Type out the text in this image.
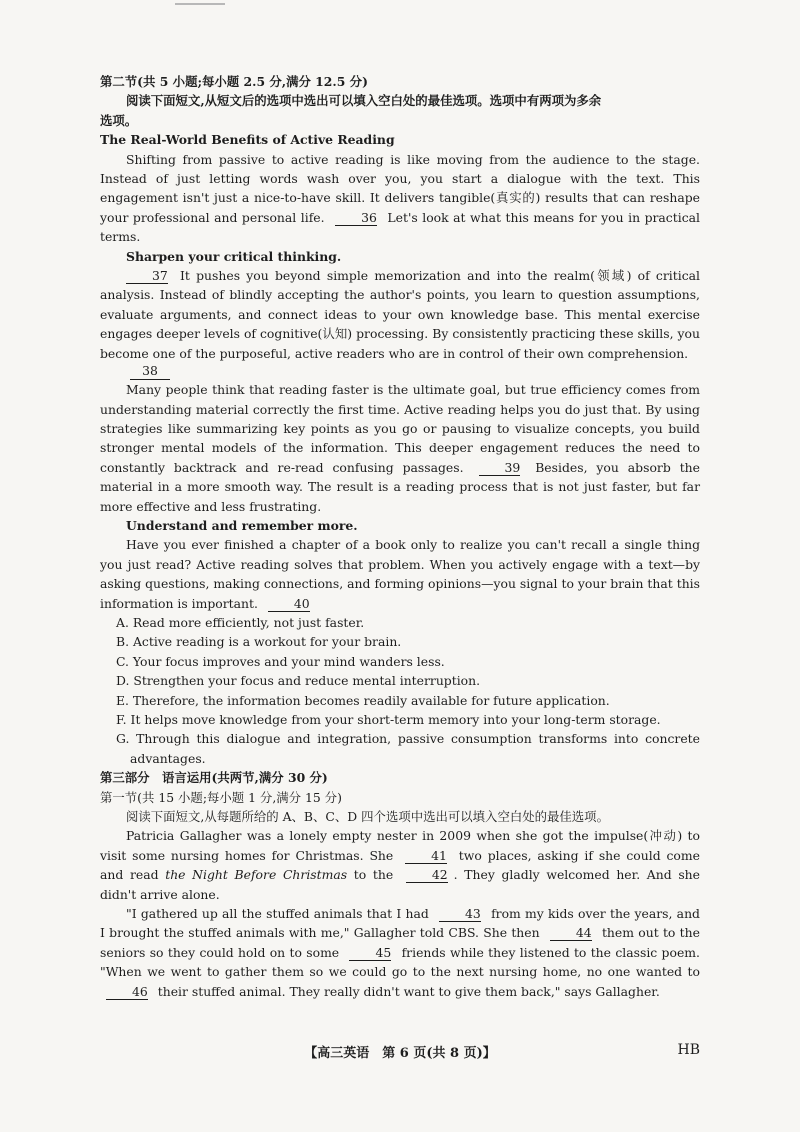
第二节(共 5 小题;每小题 2.5 分,满分 12.5 分)

阅读下面短文,从短文后的选项中选出可以填入空白处的最佳选项。选项中有两项为多余

选项。

The Real-World Benefits of Active Reading

Shifting from passive to active reading is like moving from the audience to the stage. Instead of just letting words wash over you, you start a dialogue with the text. This engagement isn't just a nice-to-have skill. It delivers tangible(真实的) results that can reshape your professional and personal life.	36 Let's look at what this means for you in practical terms.

Sharpen your critical thinking.

37 It pushes you beyond simple memorization and into the realm(领域) of critical analysis. Instead of blindly accepting the author's points, you learn to question assumptions, evaluate arguments, and connect ideas to your own knowledge base. This mental exercise engages deeper levels of cognitive(认知) processing. By consistently practicing these skills, you become one of the purposeful, active readers who are in control of their own comprehension.

38

Many people think that reading faster is the ultimate goal, but true efficiency comes from understanding material correctly the first time. Active reading helps you do just that. By using strategies like summarizing key points as you go or pausing to visualize concepts, you build stronger mental models of the information. This deeper engagement reduces the need to constantly backtrack and re-read confusing passages.	39 Besides, you absorb the material in a more smooth way. The result is a reading process that is not just faster, but far more effective and less frustrating.

Understand and remember more.

Have you ever finished a chapter of a book only to realize you can't recall a single thing you just read? Active reading solves that problem. When you actively engage with a text—by asking questions, making connections, and forming opinions—you signal to your brain that this information is important.	40

A. Read more efficiently, not just faster.

B. Active reading is a workout for your brain.

C. Your focus improves and your mind wanders less.

D. Strengthen your focus and reduce mental interruption.

E. Therefore, the information becomes readily available for future application.

F. It helps move knowledge from your short-term memory into your long-term storage.

G. Through this dialogue and integration, passive consumption transforms into concrete advantages.

第三部分　语言运用(共两节,满分 30 分)

第一节(共 15 小题;每小题 1 分,满分 15 分)

阅读下面短文,从每题所给的 A、B、C、D 四个选项中选出可以填入空白处的最佳选项。

Patricia Gallagher was a lonely empty nester in 2009 when she got the impulse(冲动) to visit some nursing homes for Christmas. She	41 two places, asking if she could come and read the Night Before Christmas to the	42 . They gladly welcomed her. And she didn't arrive alone.

"I gathered up all the stuffed animals that I had	43 from my kids over the years, and I brought the stuffed animals with me," Gallagher told CBS. She then	44 them out to the seniors so they could hold on to some	45 friends while they listened to the classic poem. "When we went to gather them so we could go to the next nursing home, no one wanted to 46 their stuffed animal. They really didn't want to give them back," says Gallagher.

【高三英语　第 6 页(共 8 页)】	HB
